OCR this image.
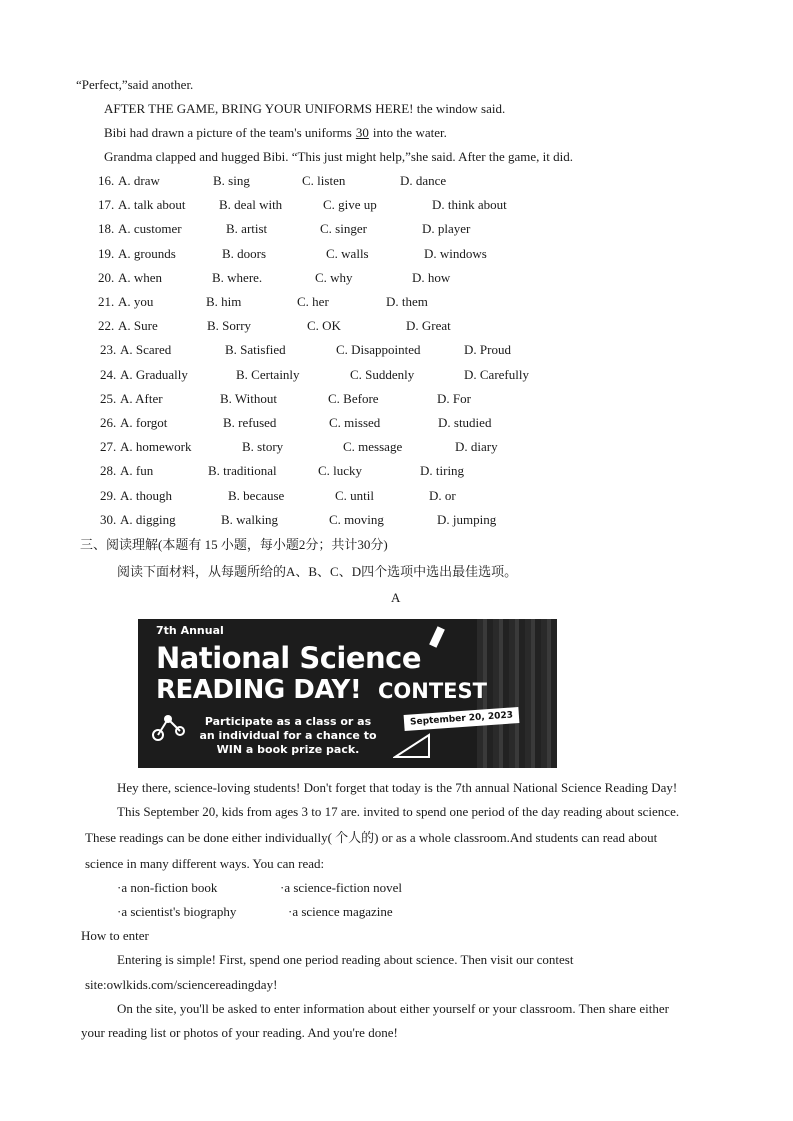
“Perfect,”said another.
AFTER THE GAME, BRING YOUR UNIFORMS HERE! the window said.
Bibi had drawn a picture of the team's uniforms 30 into the water.
Grandma clapped and hugged Bibi. “This just might help,”she said. After the game, it did.
16. A. draw	B. sing	C. listen	D. dance
17. A. talk about	B. deal with	C. give up	D. think about
18. A. customer	B. artist	C. singer	D. player
19. A. grounds	B. doors	C. walls	D. windows
20. A. when	B. where.	C. why	D. how
21. A. you	B. him	C. her	D. them
22. A. Sure	B. Sorry	C. OK	D. Great
23. A. Scared	B. Satisfied	C. Disappointed	D. Proud
24. A. Gradually	B. Certainly	C. Suddenly	D. Carefully
25. A. After	B. Without	C. Before	D. For
26. A. forgot	B. refused	C. missed	D. studied
27. A. homework	B. story	C. message	D. diary
28. A. fun	B. traditional	C. lucky	D. tiring
29. A. though	B. because	C. until	D. or
30. A. digging	B. walking	C. moving	D. jumping
三、阅读理解(本题有 15 小题，每小题2分；共计30分)
阅读下面材料，从每题所给的A、B、C、D四个选项中选出最佳选项。
A
7th Annual
National Science
READING DAY! CONTEST
September 20, 2023
Participate as a class or as
an individual for a chance to
WIN a book prize pack.
Hey there, science-loving students! Don't forget that today is the 7th annual National Science Reading Day!
This September 20, kids from ages 3 to 17 are. invited to spend one period of the day reading about science.
These readings can be done either individually( 个人的) or as a whole classroom.And students can read about
science in many different ways. You can read:
·a non-fiction book	·a science-fiction novel
·a scientist's biography	·a science magazine
How to enter
Entering is simple! First, spend one period reading about science. Then visit our contest
site:owlkids.com/sciencereadingday!
On the site, you'll be asked to enter information about either yourself or your classroom. Then share either
your reading list or photos of your reading. And you're done!
